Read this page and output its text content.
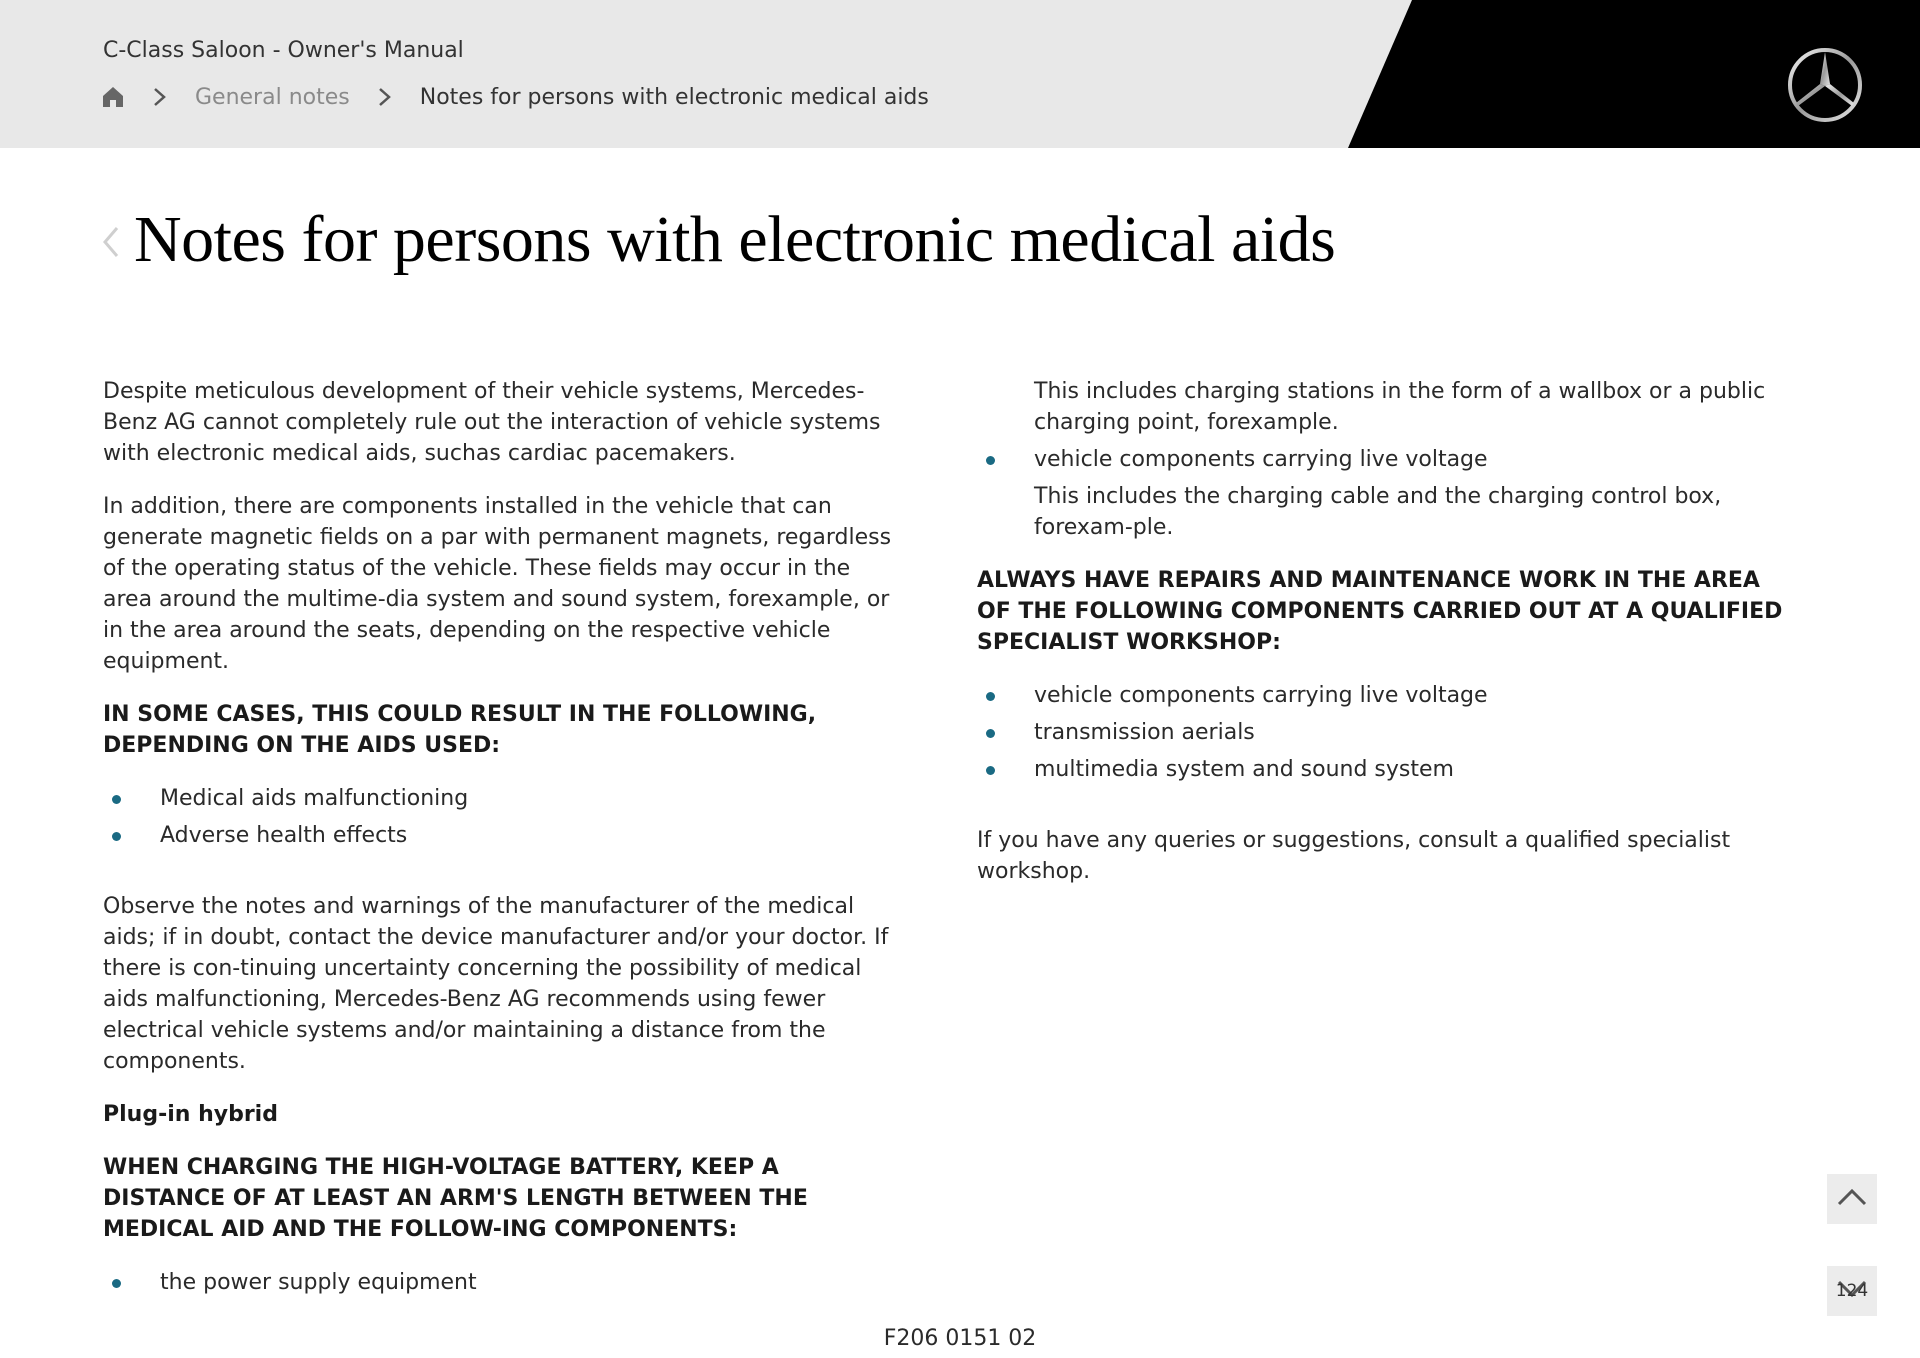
C-Class Saloon - Owner's Manual
General notes	Notes for persons with electronic medical aids
Notes for persons with electronic medical aids

Despite meticulous development of their vehicle systems, Mercedes-Benz AG cannot completely rule out the interaction of vehicle systems with electronic medical aids, suchas cardiac pacemakers.

In addition, there are components installed in the vehicle that can generate magnetic fields on a par with permanent magnets, regardless of the operating status of the vehicle. These fields may occur in the area around the multime-dia system and sound system, forexample, or in the area around the seats, depending on the respective vehicle equipment.

IN SOME CASES, THIS COULD RESULT IN THE FOLLOWING, DEPENDING ON THE AIDS USED:

Medical aids malfunctioning

Adverse health effects

Observe the notes and warnings of the manufacturer of the medical aids; if in doubt, contact the device manufacturer and/or your doctor. If there is con-tinuing uncertainty concerning the possibility of medical aids malfunctioning, Mercedes-Benz AG recommends using fewer electrical vehicle systems and/or maintaining a distance from the components.

Plug-in hybrid

WHEN CHARGING THE HIGH-VOLTAGE BATTERY, KEEP A DISTANCE OF AT LEAST AN ARM'S LENGTH BETWEEN THE MEDICAL AID AND THE FOLLOW-ING COMPONENTS:

the power supply equipment

This includes charging stations in the form of a wallbox or a public charging point, forexample.

vehicle components carrying live voltage

This includes the charging cable and the charging control box, forexam-ple.

ALWAYS HAVE REPAIRS AND MAINTENANCE WORK IN THE AREA OF THE FOLLOWING COMPONENTS CARRIED OUT AT A QUALIFIED SPECIALIST WORKSHOP:

vehicle components carrying live voltage

transmission aerials

multimedia system and sound system

If you have any queries or suggestions, consult a qualified specialist workshop.

124
F206 0151 02
